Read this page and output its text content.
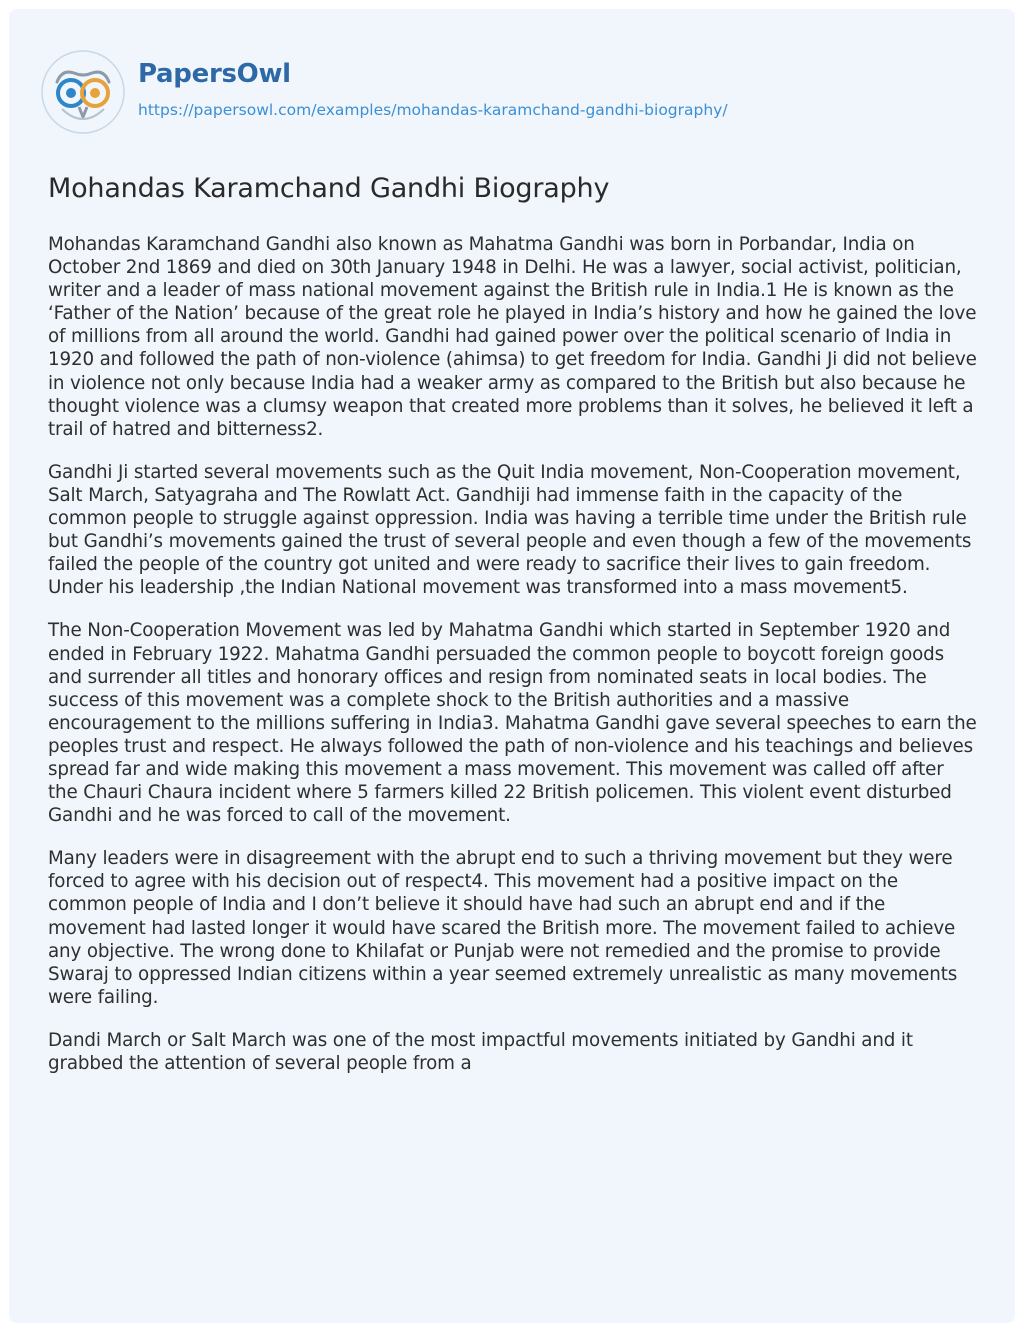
PapersOwl
https://papersowl.com/examples/mohandas-karamchand-gandhi-biography/
Mohandas Karamchand Gandhi Biography

Mohandas Karamchand Gandhi also known as Mahatma Gandhi was born in Porbandar, India on October 2nd 1869 and died on 30th January 1948 in Delhi. He was a lawyer, social activist, politician, writer and a leader of mass national movement against the British rule in India.1 He is known as the ‘Father of the Nation’ because of the great role he played in India’s history and how he gained the love of millions from all around the world. Gandhi had gained power over the political scenario of India in 1920 and followed the path of non-violence (ahimsa) to get freedom for India. Gandhi Ji did not believe in violence not only because India had a weaker army as compared to the British but also because he thought violence was a clumsy weapon that created more problems than it solves, he believed it left a trail of hatred and bitterness2.

Gandhi Ji started several movements such as the Quit India movement, Non-Cooperation movement, Salt March, Satyagraha and The Rowlatt Act. Gandhiji had immense faith in the capacity of the common people to struggle against oppression. India was having a terrible time under the British rule but Gandhi’s movements gained the trust of several people and even though a few of the movements failed the people of the country got united and were ready to sacrifice their lives to gain freedom. Under his leadership ,the Indian National movement was transformed into a mass movement5.

The Non-Cooperation Movement was led by Mahatma Gandhi which started in September 1920 and ended in February 1922. Mahatma Gandhi persuaded the common people to boycott foreign goods and surrender all titles and honorary offices and resign from nominated seats in local bodies. The success of this movement was a complete shock to the British authorities and a massive encouragement to the millions suffering in India3. Mahatma Gandhi gave several speeches to earn the peoples trust and respect. He always followed the path of non-violence and his teachings and believes spread far and wide making this movement a mass movement. This movement was called off after the Chauri Chaura incident where 5 farmers killed 22 British policemen. This violent event disturbed Gandhi and he was forced to call of the movement.

Many leaders were in disagreement with the abrupt end to such a thriving movement but they were forced to agree with his decision out of respect4. This movement had a positive impact on the common people of India and I don’t believe it should have had such an abrupt end and if the movement had lasted longer it would have scared the British more. The movement failed to achieve any objective. The wrong done to Khilafat or Punjab were not remedied and the promise to provide Swaraj to oppressed Indian citizens within a year seemed extremely unrealistic as many movements were failing.

Dandi March or Salt March was one of the most impactful movements initiated by Gandhi and it grabbed the attention of several people from a
